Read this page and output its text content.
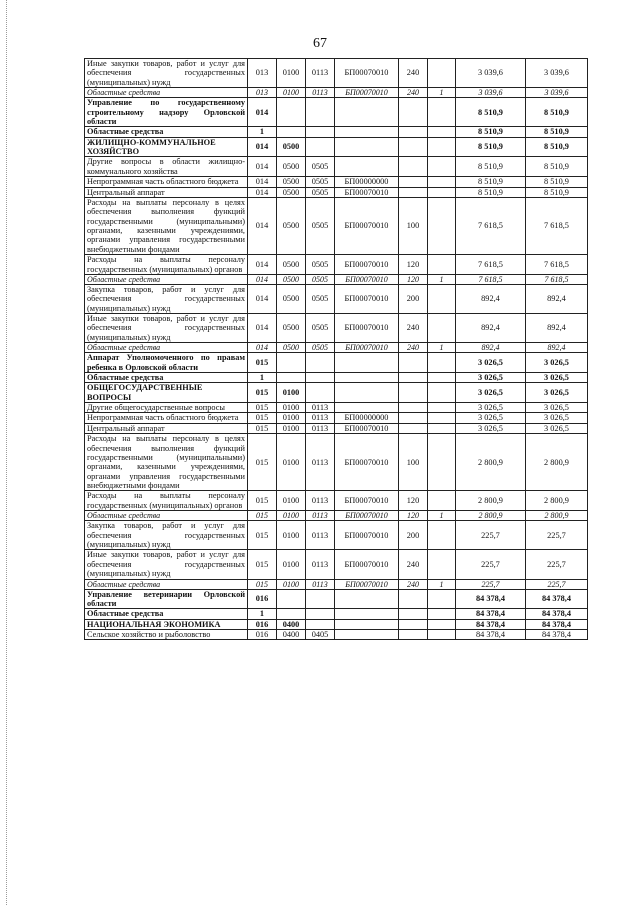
67
Иные закупки товаров, работ и услуг для обеспечения государственных (муниципальных) нужд	013	0100	0113	БП00070010	240		3 039,6	3 039,6
Областные средства	013	0100	0113	БП00070010	240	1	3 039,6	3 039,6
Управление по государственному строительному надзору Орловской области	014						8 510,9	8 510,9
Областные средства	1						8 510,9	8 510,9
ЖИЛИЩНО-КОММУНАЛЬНОЕ ХОЗЯЙСТВО	014	0500					8 510,9	8 510,9
Другие вопросы в области жилищно-коммунального хозяйства	014	0500	0505				8 510,9	8 510,9
Непрограммная часть областного бюджета	014	0500	0505	БП00000000			8 510,9	8 510,9
Центральный аппарат	014	0500	0505	БП00070010			8 510,9	8 510,9
Расходы на выплаты персоналу в целях обеспечения выполнения функций государственными (муниципальными) органами, казенными учреждениями, органами управления государственными внебюджетными фондами	014	0500	0505	БП00070010	100		7 618,5	7 618,5
Расходы на выплаты персоналу государственных (муниципальных) органов	014	0500	0505	БП00070010	120		7 618,5	7 618,5
Областные средства	014	0500	0505	БП00070010	120	1	7 618,5	7 618,5
Закупка товаров, работ и услуг для обеспечения государственных (муниципальных) нужд	014	0500	0505	БП00070010	200		892,4	892,4
Иные закупки товаров, работ и услуг для обеспечения государственных (муниципальных) нужд	014	0500	0505	БП00070010	240		892,4	892,4
Областные средства	014	0500	0505	БП00070010	240	1	892,4	892,4
Аппарат Уполномоченного по правам ребенка в Орловской области	015						3 026,5	3 026,5
Областные средства	1						3 026,5	3 026,5
ОБЩЕГОСУДАРСТВЕННЫЕ ВОПРОСЫ	015	0100					3 026,5	3 026,5
Другие общегосударственные вопросы	015	0100	0113				3 026,5	3 026,5
Непрограммная часть областного бюджета	015	0100	0113	БП00000000			3 026,5	3 026,5
Центральный аппарат	015	0100	0113	БП00070010			3 026,5	3 026,5
Расходы на выплаты персоналу в целях обеспечения выполнения функций государственными (муниципальными) органами, казенными учреждениями, органами управления государственными внебюджетными фондами	015	0100	0113	БП00070010	100		2 800,9	2 800,9
Расходы на выплаты персоналу государственных (муниципальных) органов	015	0100	0113	БП00070010	120		2 800,9	2 800,9
Областные средства	015	0100	0113	БП00070010	120	1	2 800,9	2 800,9
Закупка товаров, работ и услуг для обеспечения государственных (муниципальных) нужд	015	0100	0113	БП00070010	200		225,7	225,7
Иные закупки товаров, работ и услуг для обеспечения государственных (муниципальных) нужд	015	0100	0113	БП00070010	240		225,7	225,7
Областные средства	015	0100	0113	БП00070010	240	1	225,7	225,7
Управление ветеринарии Орловской области	016						84 378,4	84 378,4
Областные средства	1						84 378,4	84 378,4
НАЦИОНАЛЬНАЯ ЭКОНОМИКА	016	0400					84 378,4	84 378,4
Сельское хозяйство и рыболовство	016	0400	0405				84 378,4	84 378,4
